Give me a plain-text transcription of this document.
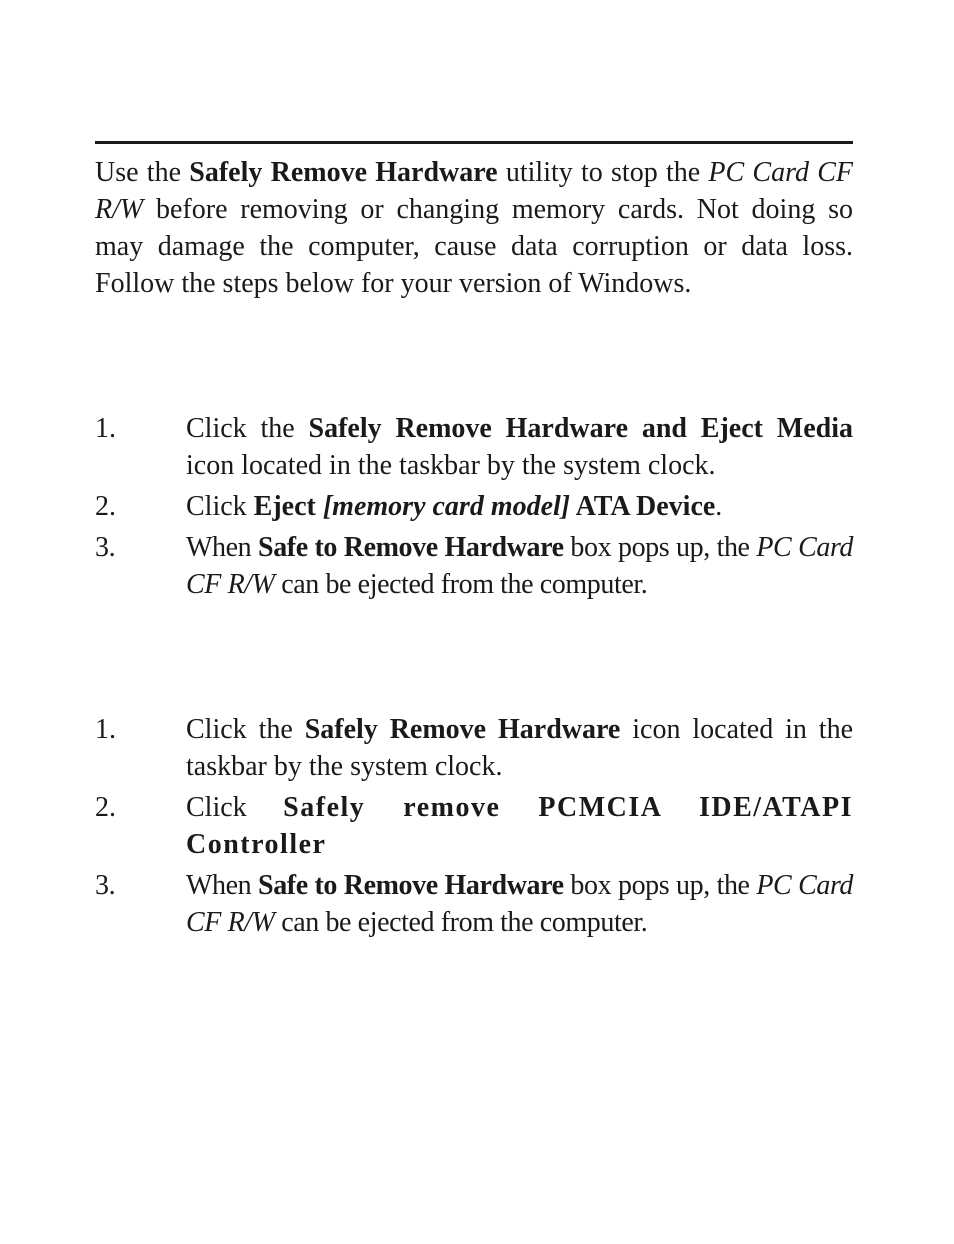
Use the Safely Remove Hardware utility to stop the PC Card CF R/W before removing or changing memory cards. Not doing so may damage the computer, cause data corruption or data loss. Follow the steps below for your version of Windows.

1.	Click the Safely Remove Hardware and Eject Media icon located in the taskbar by the system clock.
2.	Click Eject [memory card model] ATA Device.
3.	When Safe to Remove Hardware box pops up, the PC Card CF R/W can be ejected from the computer.
1.	Click the Safely Remove Hardware icon located in the taskbar by the system clock.
2.	Click Safely remove PCMCIA IDE/ATAPI Controller
3.	When Safe to Remove Hardware box pops up, the PC Card CF R/W can be ejected from the computer.
